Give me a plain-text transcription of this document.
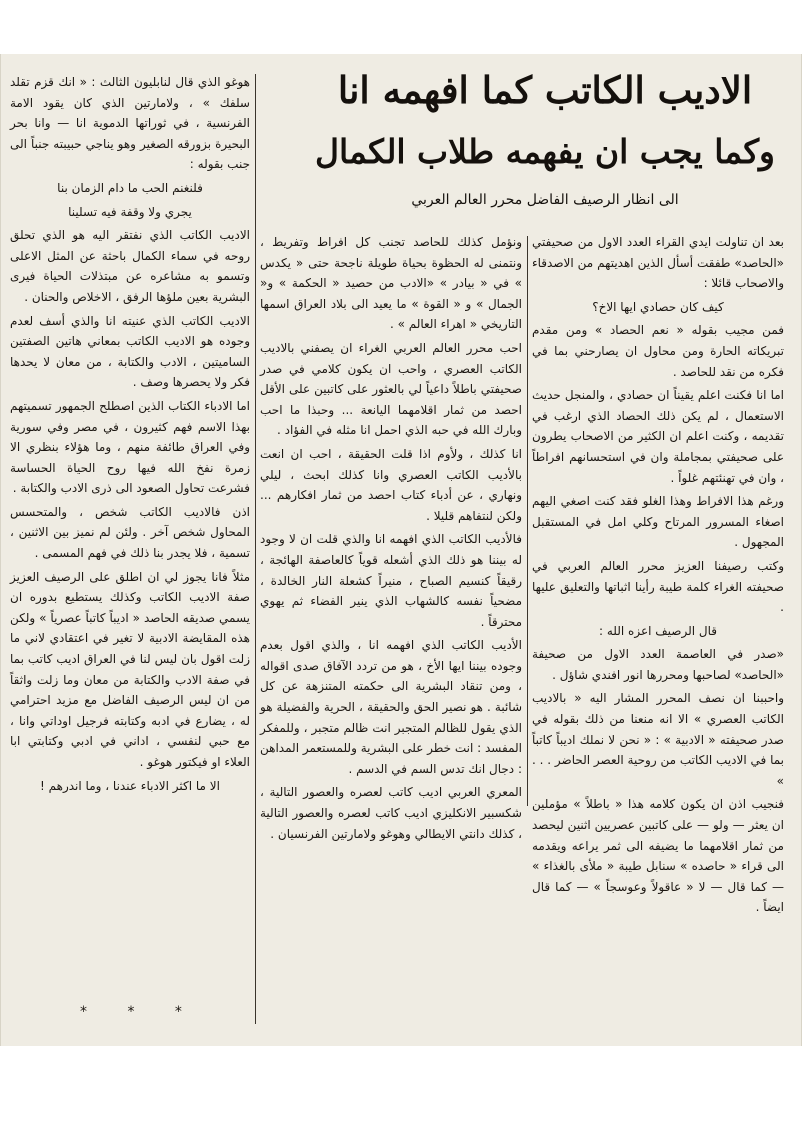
الاديب الكاتب كما افهمه انا
وكما يجب ان يفهمه طلاب الكمال
الى انظار الرصيف الفاضل محرر العالم العربي

بعد ان تناولت ايدي القراء العدد الاول من صحيفتي «الحاصد» طفقت أسأل الذين اهديتهم من الاصدقاء والاصحاب قائلا :

كيف كان حصادي ايها الاخ؟

فمن مجيب بقوله « نعم الحصاد » ومن مقدم تبريكاته الحارة ومن محاول ان يصارحني بما في فكره من نقد للحاصد .

اما انا فكنت اعلم يقيناً ان حصادي ، والمنجل حديث الاستعمال ، لم يكن ذلك الحصاد الذي ارغب في تقديمه ، وكنت اعلم ان الكثير من الاصحاب يطرون على صحيفتي بمجاملة وان في استحسانهم افراطاً ، وان في تهنئتهم غلواً .

ورغم هذا الافراط وهذا الغلو فقد كنت اصغي اليهم اصغاء المسرور المرتاح وكلي امل في المستقبل المجهول .

وكتب رصيفنا العزيز محرر العالم العربي في صحيفته الغراء كلمة طيبة رأينا اثباتها والتعليق عليها .

قال الرصيف اعزه الله :

«صدر في العاصمة العدد الاول من صحيفة «الحاصد» لصاحبها ومحررها انور افندي شاؤل .

واحببنا ان نصف المحرر المشار اليه « بالاديب الكاتب العصري » الا انه منعنا من ذلك بقوله في صدر صحيفته « الادبية » : « نحن لا نملك اديباً كاتباً بما في الاديب الكاتب من روحية العصر الحاضر . . . »

فنجيب اذن ان يكون كلامه هذا « باطلاً » مؤملين ان يعثر — ولو — على كاتبين عصريين اثنين ليحصد من ثمار اقلامهما ما يضيفه الى ثمر يراعه ويقدمه الى قراء « حاصده » سنابل طيبة « ملأى بالغذاء » — كما قال — لا « عاقولاً وعوسجاً » — كما قال ايضاً .

ونؤمل كذلك للحاصد تجنب كل افراط وتفريط ، ونتمنى له الحظوة بحياة طويلة ناجحة حتى « يكدس » في « بيادر » «الادب من حصيد « الحكمة » و« الجمال » و « القوة » ما يعيد الى بلاد العراق اسمها التاريخي « اهراء العالم » .

احب محرر العالم العربي الغراء ان يصفني بالاديب الكاتب العصري ، واحب ان يكون كلامي في صدر صحيفتي باطلاً داعياً لي بالعثور على كاتبين على الأقل احصد من ثمار اقلامهما اليانعة ... وحبذا ما احب وبارك الله في حبه الذي احمل انا مثله في الفؤاد .

انا كذلك ، ولأوم اذا قلت الحقيقة ، احب ان انعت بالأديب الكاتب العصري وانا كذلك ابحث ، ليلي ونهاري ، عن أدباء كتاب احصد من ثمار افكارهم ... ولكن لنتفاهم قليلا .

فالأديب الكاتب الذي افهمه انا والذي قلت ان لا وجود له بيننا هو ذلك الذي أشعله قوياً كالعاصفة الهائجة ، رقيقاً كنسيم الصباح ، منيراً كشعلة النار الخالدة ، مضحياً نفسه كالشهاب الذي ينير الفضاء ثم يهوي محترقاً .

الأديب الكاتب الذي افهمه انا ، والذي اقول بعدم وجوده بيننا ايها الأخ ، هو من تردد الآفاق صدى اقواله ، ومن تنقاد البشرية الى حكمته المتنزهة عن كل شائبة . هو نصير الحق والحقيقة ، الحرية والفضيلة هو الذي يقول للظالم المتجبر انت ظالم متجبر ، وللمفكر المفسد : انت خطر على البشرية وللمستعمر المداهن : دجال انك تدس السم في الدسم .

المعري العربي اديب كاتب لعصره والعصور التالية ، شكسبير الانكليزي اديب كاتب لعصره والعصور التالية ، كذلك دانتي الايطالي وهوغو ولامارتين الفرنسيان .

هوغو الذي قال لنابليون الثالث : « انك قزم تقلد سلفك » ، ولامارتين الذي كان يقود الامة الفرنسية ، في ثوراتها الدموية انا — وانا بحر البحيرة بزورقه الصغير وهو يناجي حبيبته جنباً الى جنب بقوله :

فلنغنم الحب ما دام الزمان بنا

يجري ولا وقفة فيه تسلينا

الاديب الكاتب الذي نفتقر اليه هو الذي تحلق روحه في سماء الكمال باحثة عن المثل الاعلى وتسمو به مشاعره عن مبتذلات الحياة فيرى البشرية بعين ملؤها الرفق ، الاخلاص والحنان .

الاديب الكاتب الذي عنيته انا والذي أسف لعدم وجوده هو الاديب الكاتب بمعاني هاتين الصفتين الساميتين ، الادب والكتابة ، من معان لا يحدها فكر ولا يحصرها وصف .

اما الادباء الكتاب الذين اصطلح الجمهور تسميتهم بهذا الاسم فهم كثيرون ، في مصر وفي سورية وفي العراق طائفة منهم ، وما هؤلاء بنظري الا زمرة نفخ الله فيها روح الحياة الحساسة فشرعت تحاول الصعود الى ذرى الادب والكتابة .

اذن فالاديب الكاتب شخص ، والمتحسس المحاول شخص آخر . ولئن لم نميز بين الاثنين ، تسمية ، فلا يجدر بنا ذلك في فهم المسمى .

مثلاً فانا يجوز لي ان اطلق على الرصيف العزيز صفة الاديب الكاتب وكذلك يستطيع بدوره ان يسمي صديقه الحاصد « اديباً كاتباً عصرياً » ولكن هذه المقايضة الادبية لا تغير في اعتقادي لاني ما زلت اقول بان ليس لنا في العراق اديب كاتب بما في صفة الادب والكتابة من معان وما زلت واثقاً من ان ليس الرصيف الفاضل مع مزيد احترامي له ، يضارع في ادبه وكتابته فرجيل اوداتي وانا ، مع حبي لنفسي ، اداني في ادبي وكتابتي ابا العلاء او فيكتور هوغو .

الا ما اكثر الادباء عندنا ، وما اندرهم !

* * *
